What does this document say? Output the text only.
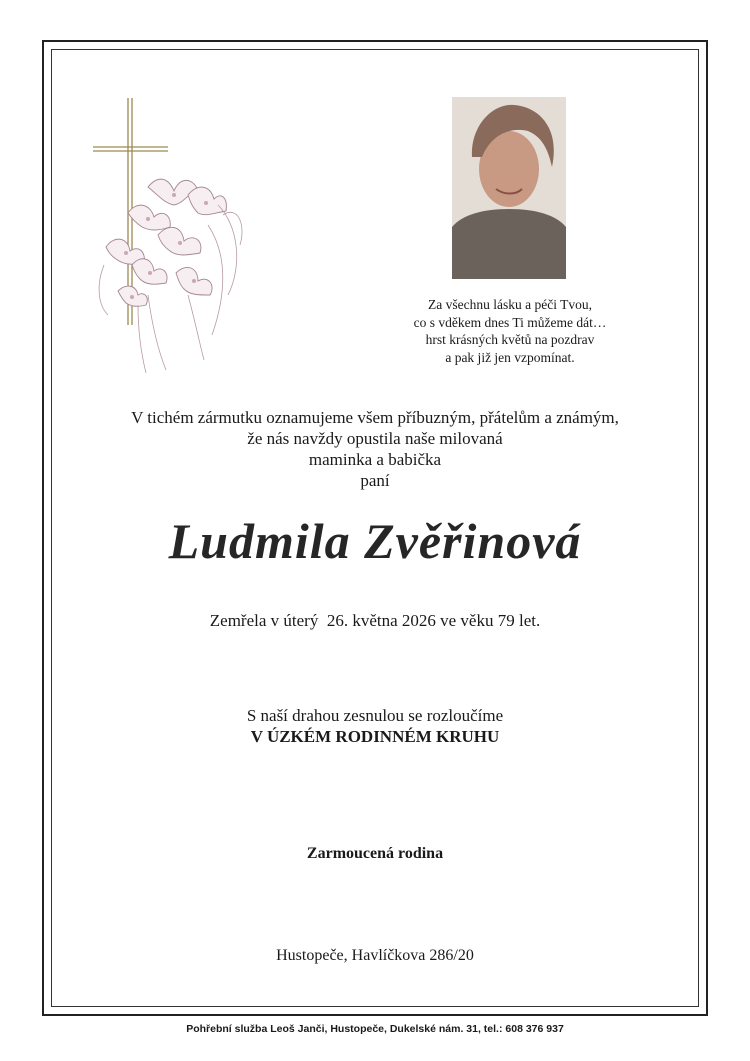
Za všechnu lásku a péči Tvou,
co s vděkem dnes Ti můžeme dát…
hrst krásných květů na pozdrav
a pak již jen vzpomínat.
V tichém zármutku oznamujeme všem příbuzným, přátelům a známým,
že nás navždy opustila naše milovaná
maminka a babička
paní
Ludmila Zvěřinová
Zemřela v úterý  26. května 2026 ve věku 79 let.
S naší drahou zesnulou se rozloučíme
V ÚZKÉM RODINNÉM KRUHU
Zarmoucená rodina
Hustopeče, Havlíčkova 286/20
Pohřební služba Leoš Janči, Hustopeče, Dukelské nám. 31, tel.: 608 376 937
